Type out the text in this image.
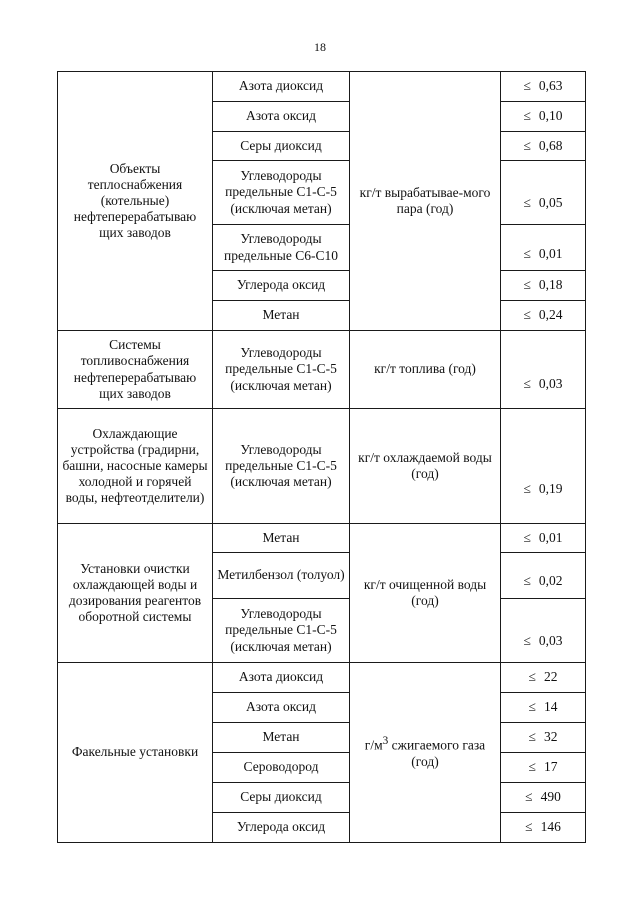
18
Объекты теплоснабжения (котельные) нефтеперерабатываю щих заводов	Азота диоксид	кг/т вырабатывае-мого пара (год)	≤ 0,63
	Азота оксид		≤ 0,10
	Серы диоксид		≤ 0,68
	Углеводороды предельные С1-С-5 (исключая метан)		≤ 0,05
	Углеводороды предельные С6-С10		≤ 0,01
	Углерода оксид		≤ 0,18
	Метан		≤ 0,24
Системы топливоснабжения нефтеперерабатываю щих заводов	Углеводороды предельные С1-С-5 (исключая метан)	кг/т топлива (год)	≤ 0,03
Охлаждающие устройства (градирни, башни, насосные камеры холодной и горячей воды, нефтеотделители)	Углеводороды предельные С1-С-5 (исключая метан)	кг/т охлаждаемой воды (год)	≤ 0,19
Установки очистки охлаждающей воды и дозирования реагентов оборотной системы	Метан	кг/т очищенной воды (год)	≤ 0,01
	Метилбензол (толуол)		≤ 0,02
	Углеводороды предельные С1-С-5 (исключая метан)		≤ 0,03
Факельные установки	Азота диоксид	$г/м^3$ сжигаемого газа (год)	≤ 22
	Азота оксид		≤ 14
	Метан		≤ 32
	Сероводород		≤ 17
	Серы диоксид		≤ 490
	Углерода оксид		≤ 146
